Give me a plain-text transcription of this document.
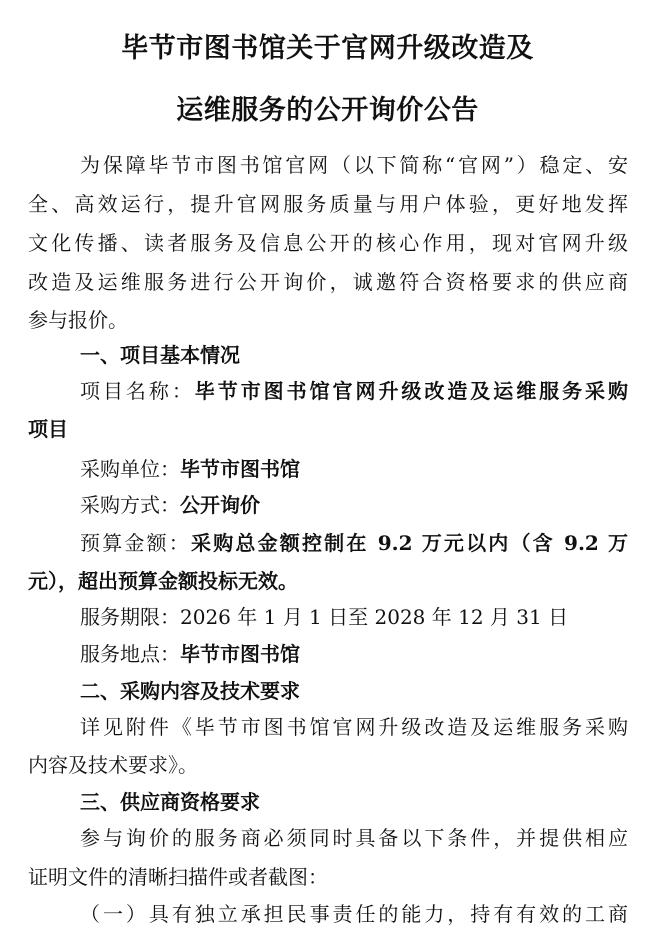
毕节市图书馆关于官网升级改造及
运维服务的公开询价公告
为保障毕节市图书馆官网（以下简称“官网”）稳定、安
全、高效运行，提升官网服务质量与用户体验，更好地发挥
文化传播、读者服务及信息公开的核心作用，现对官网升级
改造及运维服务进行公开询价，诚邀符合资格要求的供应商
参与报价。
一、项目基本情况
项目名称：毕节市图书馆官网升级改造及运维服务采购
项目
采购单位：毕节市图书馆
采购方式：公开询价
预算金额：采购总金额控制在 9.2 万元以内（含 9.2 万
元），超出预算金额投标无效。
服务期限：2026 年 1 月 1 日至 2028 年 12 月 31 日
服务地点：毕节市图书馆
二、采购内容及技术要求
详见附件《毕节市图书馆官网升级改造及运维服务采购
内容及技术要求》。
三、供应商资格要求
参与询价的服务商必须同时具备以下条件，并提供相应
证明文件的清晰扫描件或者截图：
（一）具有独立承担民事责任的能力，持有有效的工商
